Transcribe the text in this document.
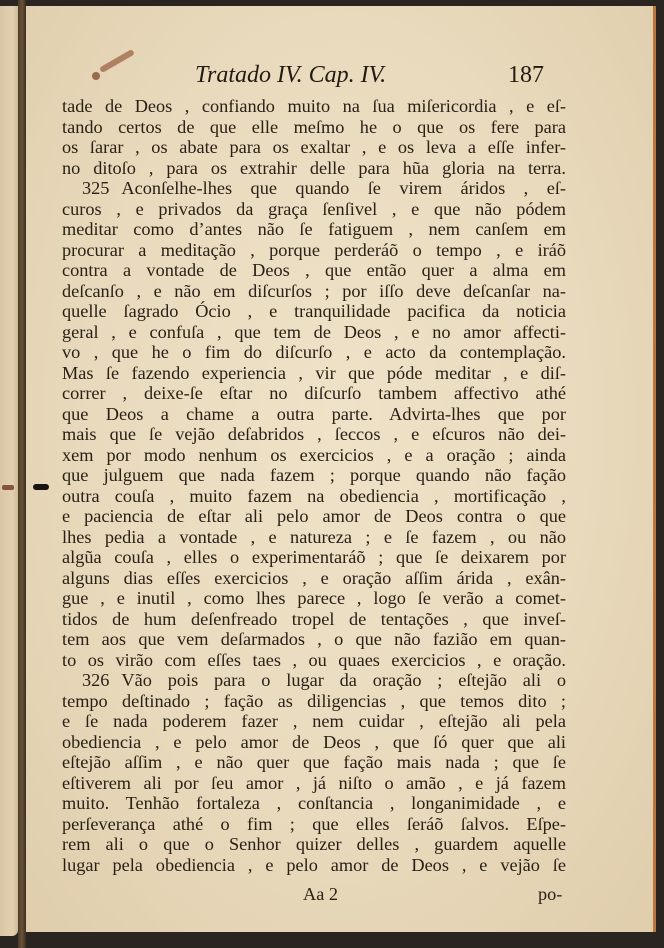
Tratado IV. Cap. IV.	187
tade de Deos , confiando muito na ſua miſericordia , e eſ-
tando certos de que elle meſmo he o que os fere para
os ſarar , os abate para os exaltar , e os leva a eſſe infer-
no ditoſo , para os extrahir delle para hũa gloria na terra.
325 Aconſelhe-lhes que quando ſe virem áridos , eſ-
curos , e privados da graça ſenſivel , e que não pódem
meditar como d’antes não ſe fatiguem , nem canſem em
procurar a meditação , porque perderáõ o tempo , e iráõ
contra a vontade de Deos , que então quer a alma em
deſcanſo , e não em diſcurſos ; por iſſo deve deſcanſar na-
quelle ſagrado Ócio , e tranquilidade pacifica da noticia
geral , e confuſa , que tem de Deos , e no amor affecti-
vo , que he o fim do diſcurſo , e acto da contemplação.
Mas ſe fazendo experiencia , vir que póde meditar , e diſ-
correr , deixe-ſe eſtar no diſcurſo tambem affectivo athé
que Deos a chame a outra parte. Advirta-lhes que por
mais que ſe vejão deſabridos , ſeccos , e eſcuros não dei-
xem por modo nenhum os exercicios , e a oração ; ainda
que julguem que nada fazem ; porque quando não fação
outra couſa , muito fazem na obediencia , mortificação ,
e paciencia de eſtar ali pelo amor de Deos contra o que
lhes pedia a vontade , e natureza ; e ſe fazem , ou não
algũa couſa , elles o experimentaráõ ; que ſe deixarem por
alguns dias eſſes exercicios , e oração aſſim árida , exân-
gue , e inutil , como lhes parece , logo ſe verão a comet-
tidos de hum deſenfreado tropel de tentações , que inveſ-
tem aos que vem deſarmados , o que não fazião em quan-
to os virão com eſſes taes , ou quaes exercicios , e oração.
326 Vão pois para o lugar da oração ; eſtejão ali o
tempo deſtinado ; fação as diligencias , que temos dito ;
e ſe nada poderem fazer , nem cuidar , eſtejão ali pela
obediencia , e pelo amor de Deos , que ſó quer que ali
eſtejão aſſim , e não quer que fação mais nada ; que ſe
eſtiverem ali por ſeu amor , já niſto o amão , e já fazem
muito. Tenhão fortaleza , conſtancia , longanimidade , e
perſeverança athé o fim ; que elles ſeráõ ſalvos. Eſpe-
rem ali o que o Senhor quizer delles , guardem aquelle
lugar pela obediencia , e pelo amor de Deos , e vejão ſe
Aa 2	po-
